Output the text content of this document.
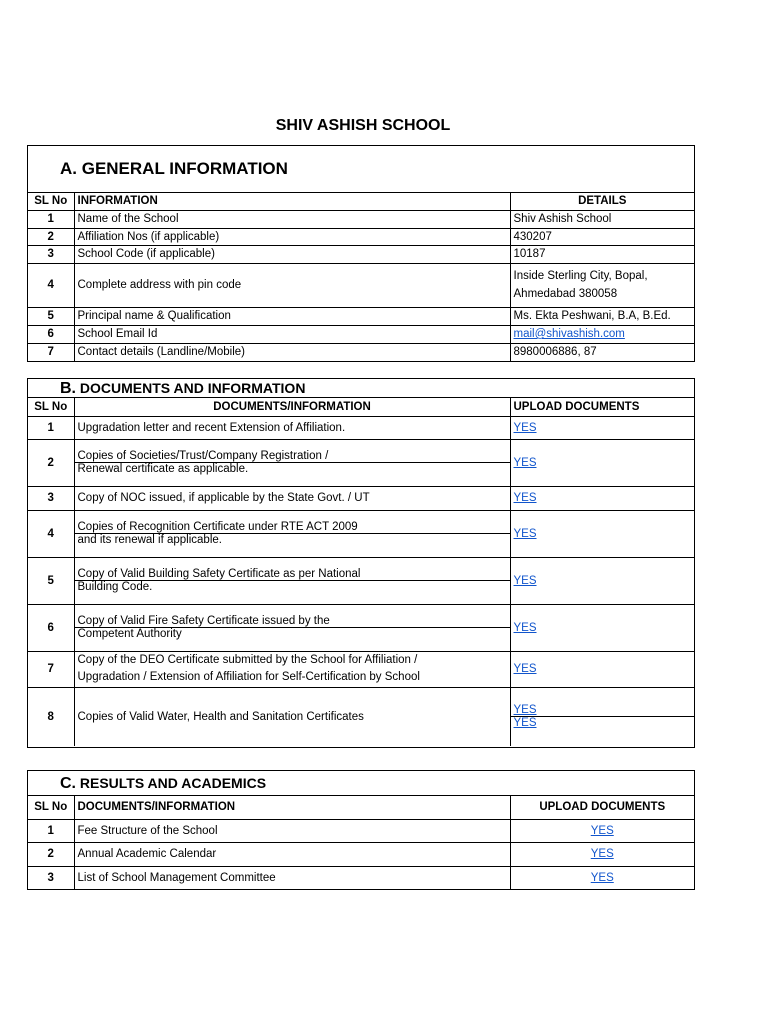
SHIV ASHISH SCHOOL
A. GENERAL INFORMATION
SL No	INFORMATION	DETAILS
1	Name of the School	Shiv Ashish School
2	Affiliation Nos (if applicable)	430207
3	School Code (if applicable)	10187
4	Complete address with pin code	Inside Sterling City, Bopal,
Ahmedabad 380058

5	Principal name & Qualification	Ms. Ekta Peshwani, B.A, B.Ed.
6	School Email Id	mail@shivashish.com
7	Contact details (Landline/Mobile)	8980006886, 87
B. DOCUMENTS AND INFORMATION
SL No	DOCUMENTS/INFORMATION	UPLOAD DOCUMENTS
1	Upgradation letter and recent Extension of Affiliation.	YES
2	Copies of Societies/Trust/Company Registration /
Renewal certificate as applicable.	YES
3	Copy of NOC issued, if applicable by the State Govt. / UT	YES
4	Copies of Recognition Certificate under RTE ACT 2009
and its renewal if applicable.	YES
5	Copy of Valid Building Safety Certificate as per National
Building Code.	YES
6	Copy of Valid Fire Safety Certificate issued by the
Competent Authority	YES
7	Copy of the DEO Certificate submitted by the School for Affiliation /
Upgradation / Extension of Affiliation for Self-Certification by School	YES
8	Copies of Valid Water, Health and Sanitation Certificates	YES
YES
C. RESULTS AND ACADEMICS
SL No	DOCUMENTS/INFORMATION	UPLOAD DOCUMENTS
1	Fee Structure of the School	YES
2	Annual Academic Calendar	YES
3	List of School Management Committee	YES
